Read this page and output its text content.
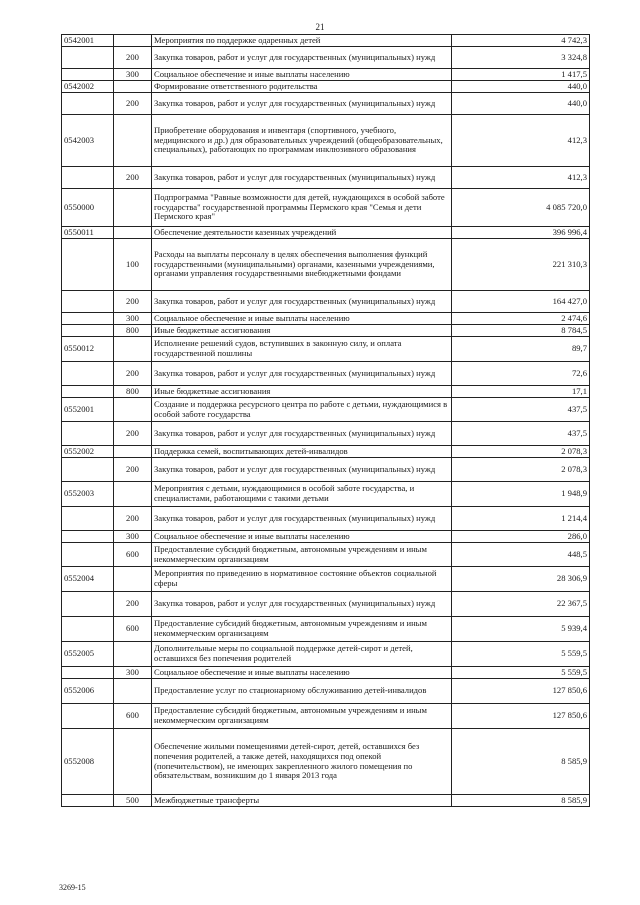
21
0542001		Мероприятия по поддержке одаренных детей	4 742,3
	200	Закупка товаров, работ и услуг для государственных (муниципальных) нужд	3 324,8
	300	Социальное обеспечение и иные выплаты населению	1 417,5
0542002		Формирование ответственного родительства	440,0
	200	Закупка товаров, работ и услуг для государственных (муниципальных) нужд	440,0
0542003		Приобретение оборудования и инвентаря (спортивного, учебного, медицинского и др.) для образовательных учреждений (общеобразовательных, специальных), работающих по программам инклюзивного образования	412,3
	200	Закупка товаров, работ и услуг для государственных (муниципальных) нужд	412,3
0550000		Подпрограмма "Равные возможности для детей, нуждающихся в особой заботе государства" государственной программы Пермского края "Семья и дети Пермского края"	4 085 720,0
0550011		Обеспечение деятельности казенных учреждений	396 996,4
	100	Расходы на выплаты персоналу в целях обеспечения выполнения функций государственными (муниципальными) органами, казенными учреждениями, органами управления государственными внебюджетными фондами	221 310,3
	200	Закупка товаров, работ и услуг для государственных (муниципальных) нужд	164 427,0
	300	Социальное обеспечение и иные выплаты населению	2 474,6
	800	Иные бюджетные ассигнования	8 784,5
0550012		Исполнение решений судов, вступивших в законную силу, и оплата государственной пошлины	89,7
	200	Закупка товаров, работ и услуг для государственных (муниципальных) нужд	72,6
	800	Иные бюджетные ассигнования	17,1
0552001		Создание и поддержка ресурсного центра по работе с детьми, нуждающимися в особой заботе государства	437,5
	200	Закупка товаров, работ и услуг для государственных (муниципальных) нужд	437,5
0552002		Поддержка семей, воспитывающих детей-инвалидов	2 078,3
	200	Закупка товаров, работ и услуг для государственных (муниципальных) нужд	2 078,3
0552003		Мероприятия с детьми, нуждающимися в особой заботе государства, и специалистами, работающими с такими детьми	1 948,9
	200	Закупка товаров, работ и услуг для государственных (муниципальных) нужд	1 214,4
	300	Социальное обеспечение и иные выплаты населению	286,0
	600	Предоставление субсидий бюджетным, автономным учреждениям и иным некоммерческим организациям	448,5
0552004		Мероприятия по приведению в нормативное состояние объектов социальной сферы	28 306,9
	200	Закупка товаров, работ и услуг для государственных (муниципальных) нужд	22 367,5
	600	Предоставление субсидий бюджетным, автономным учреждениям и иным некоммерческим организациям	5 939,4
0552005		Дополнительные меры по социальной поддержке детей-сирот и детей, оставшихся без попечения родителей	5 559,5
	300	Социальное обеспечение и иные выплаты населению	5 559,5
0552006		Предоставление услуг по стационарному обслуживанию детей-инвалидов	127 850,6
	600	Предоставление субсидий бюджетным, автономным учреждениям и иным некоммерческим организациям	127 850,6
0552008		Обеспечение жилыми помещениями детей-сирот, детей, оставшихся без попечения родителей, а также детей, находящихся под опекой (попечительством), не имеющих закрепленного жилого помещения по обязательствам, возникшим до 1 января 2013 года	8 585,9
	500	Межбюджетные трансферты	8 585,9
3269-15
